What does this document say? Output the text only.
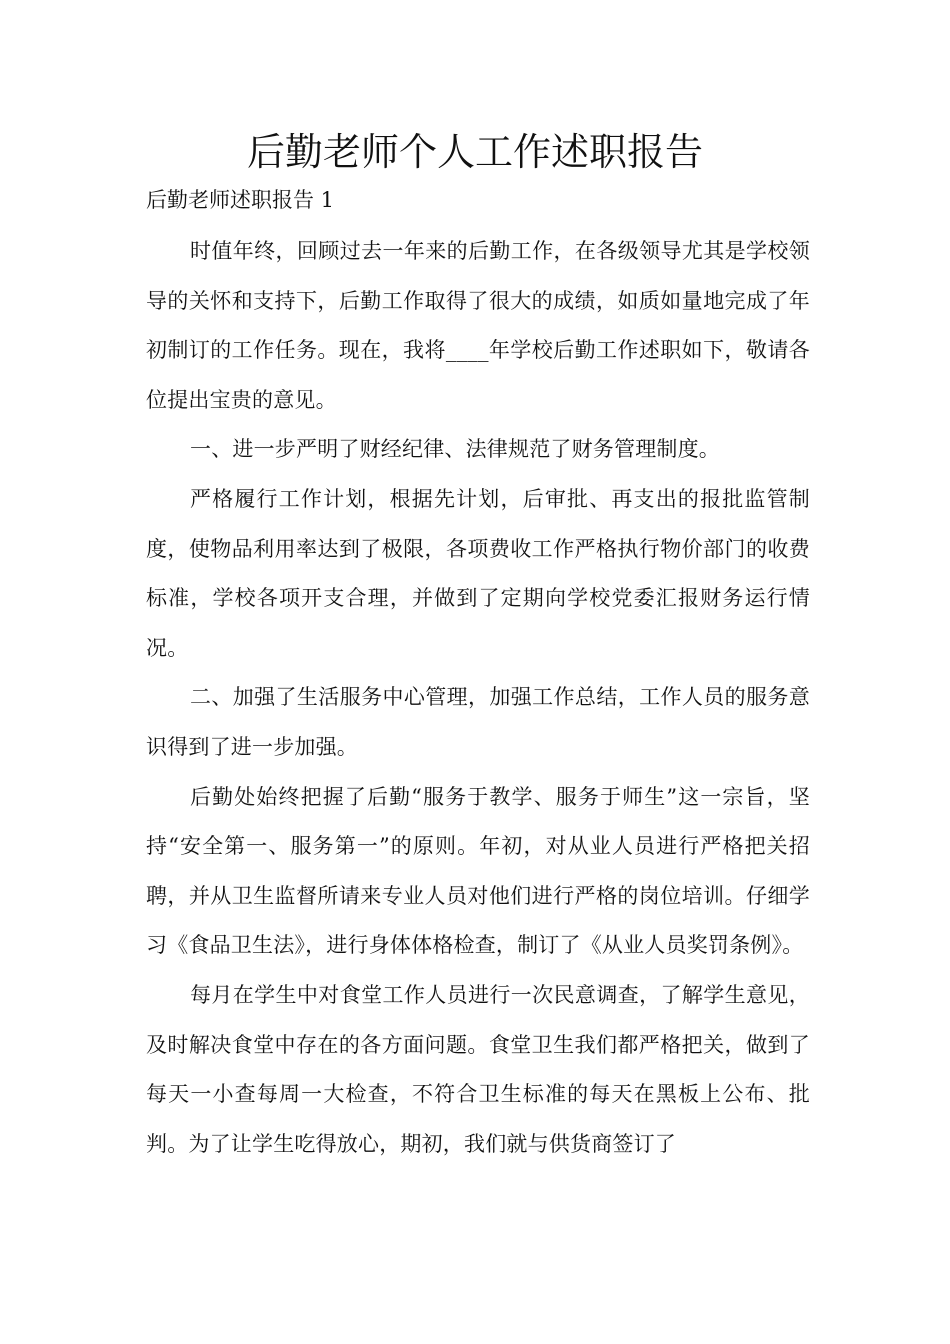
后勤老师个人工作述职报告

后勤老师述职报告 1

时值年终，回顾过去一年来的后勤工作，在各级领导尤其是学校领导的关怀和支持下，后勤工作取得了很大的成绩，如质如量地完成了年初制订的工作任务。现在，我将____年学校后勤工作述职如下，敬请各位提出宝贵的意见。

一、进一步严明了财经纪律、法律规范了财务管理制度。

严格履行工作计划，根据先计划，后审批、再支出的报批监管制度，使物品利用率达到了极限，各项费收工作严格执行物价部门的收费标准，学校各项开支合理，并做到了定期向学校党委汇报财务运行情况。

二、加强了生活服务中心管理，加强工作总结，工作人员的服务意识得到了进一步加强。

后勤处始终把握了后勤“服务于教学、服务于师生”这一宗旨，坚持“安全第一、服务第一”的原则。年初，对从业人员进行严格把关招聘，并从卫生监督所请来专业人员对他们进行严格的岗位培训。仔细学习《食品卫生法》，进行身体体格检查，制订了《从业人员奖罚条例》。

每月在学生中对食堂工作人员进行一次民意调查，了解学生意见，及时解决食堂中存在的各方面问题。食堂卫生我们都严格把关，做到了每天一小查每周一大检查，不符合卫生标准的每天在黑板上公布、批判。为了让学生吃得放心，期初，我们就与供货商签订了
